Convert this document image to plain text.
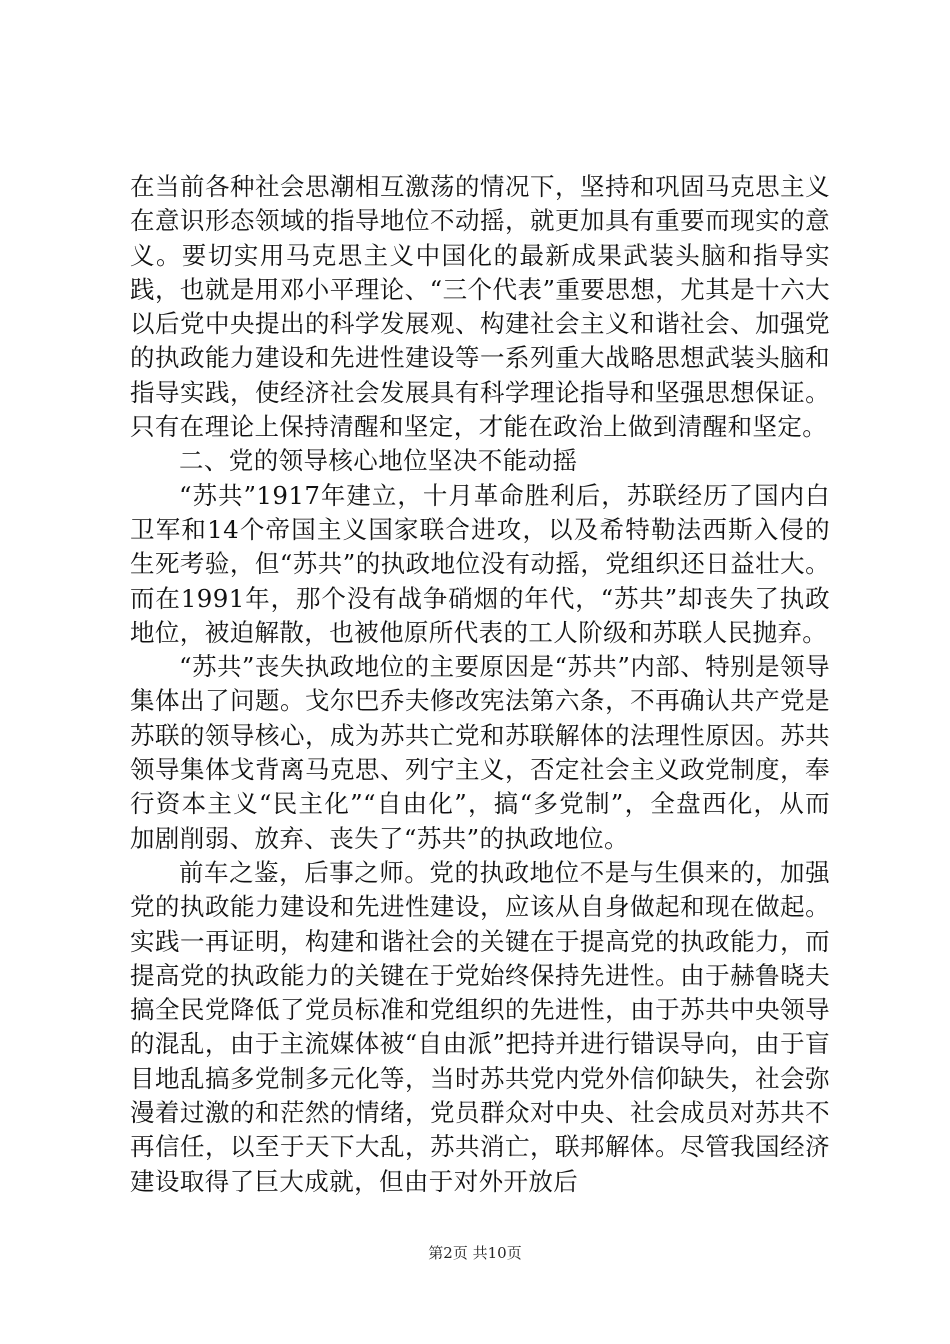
在当前各种社会思潮相互激荡的情况下，坚持和巩固马克思主义在意识形态领域的指导地位不动摇，就更加具有重要而现实的意义。要切实用马克思主义中国化的最新成果武装头脑和指导实践，也就是用邓小平理论、“三个代表”重要思想，尤其是十六大以后党中央提出的科学发展观、构建社会主义和谐社会、加强党的执政能力建设和先进性建设等一系列重大战略思想武装头脑和指导实践，使经济社会发展具有科学理论指导和坚强思想保证。只有在理论上保持清醒和坚定，才能在政治上做到清醒和坚定。

二、党的领导核心地位坚决不能动摇

“苏共”1917年建立，十月革命胜利后，苏联经历了国内白卫军和14个帝国主义国家联合进攻，以及希特勒法西斯入侵的生死考验，但“苏共”的执政地位没有动摇，党组织还日益壮大。而在1991年，那个没有战争硝烟的年代，“苏共”却丧失了执政地位，被迫解散，也被他原所代表的工人阶级和苏联人民抛弃。

“苏共”丧失执政地位的主要原因是“苏共”内部、特别是领导集体出了问题。戈尔巴乔夫修改宪法第六条，不再确认共产党是苏联的领导核心，成为苏共亡党和苏联解体的法理性原因。苏共领导集体戈背离马克思、列宁主义，否定社会主义政党制度，奉行资本主义“民主化”“自由化”，搞“多党制”，全盘西化，从而加剧削弱、放弃、丧失了“苏共”的执政地位。

前车之鉴，后事之师。党的执政地位不是与生俱来的，加强党的执政能力建设和先进性建设，应该从自身做起和现在做起。实践一再证明，构建和谐社会的关键在于提高党的执政能力，而提高党的执政能力的关键在于党始终保持先进性。由于赫鲁晓夫搞全民党降低了党员标准和党组织的先进性，由于苏共中央领导的混乱，由于主流媒体被“自由派”把持并进行错误导向，由于盲目地乱搞多党制多元化等，当时苏共党内党外信仰缺失，社会弥漫着过激的和茫然的情绪，党员群众对中央、社会成员对苏共不再信任，以至于天下大乱，苏共消亡，联邦解体。尽管我国经济建设取得了巨大成就，但由于对外开放后

第2页 共10页
